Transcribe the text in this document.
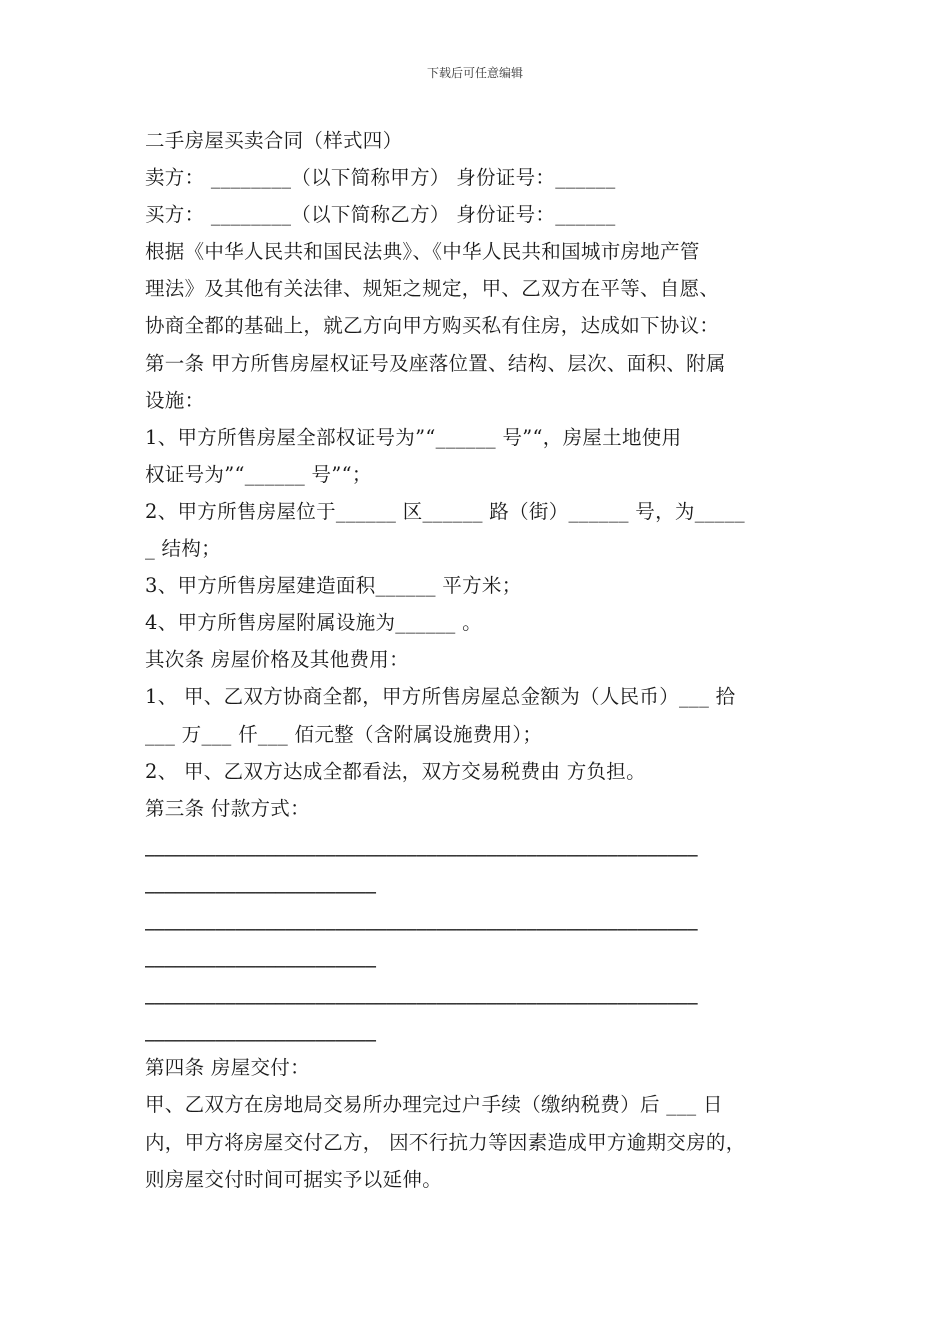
下载后可任意编辑
二手房屋买卖合同（样式四）
卖方： ________（以下简称甲方） 身份证号：______
买方： ________（以下简称乙方） 身份证号：______
根据《中华人民共和国民法典》、《中华人民共和国城市房地产管
理法》及其他有关法律、规矩之规定，甲、乙双方在平等、自愿、
协商全都的基础上，就乙方向甲方购买私有住房，达成如下协议：
第一条 甲方所售房屋权证号及座落位置、结构、层次、面积、附属
设施：
1、甲方所售房屋全部权证号为”“______ 号”“，房屋土地使用
权证号为”“______ 号”“；
2、甲方所售房屋位于______ 区______ 路（街）______ 号，为_____
_ 结构；
3、甲方所售房屋建造面积______ 平方米；
4、甲方所售房屋附属设施为______ 。
其次条 房屋价格及其他费用：
1、 甲、乙双方协商全都，甲方所售房屋总金额为（人民币）___ 拾
___ 万___ 仟___ 佰元整（含附属设施费用）；
2、 甲、乙双方达成全都看法，双方交易税费由 方负担。
第三条 付款方式：
_______________________________________________________
_______________________
_______________________________________________________
_______________________
_______________________________________________________
_______________________
第四条 房屋交付：
甲、乙双方在房地局交易所办理完过户手续（缴纳税费）后 ___ 日
内，甲方将房屋交付乙方， 因不行抗力等因素造成甲方逾期交房的，
则房屋交付时间可据实予以延伸。
